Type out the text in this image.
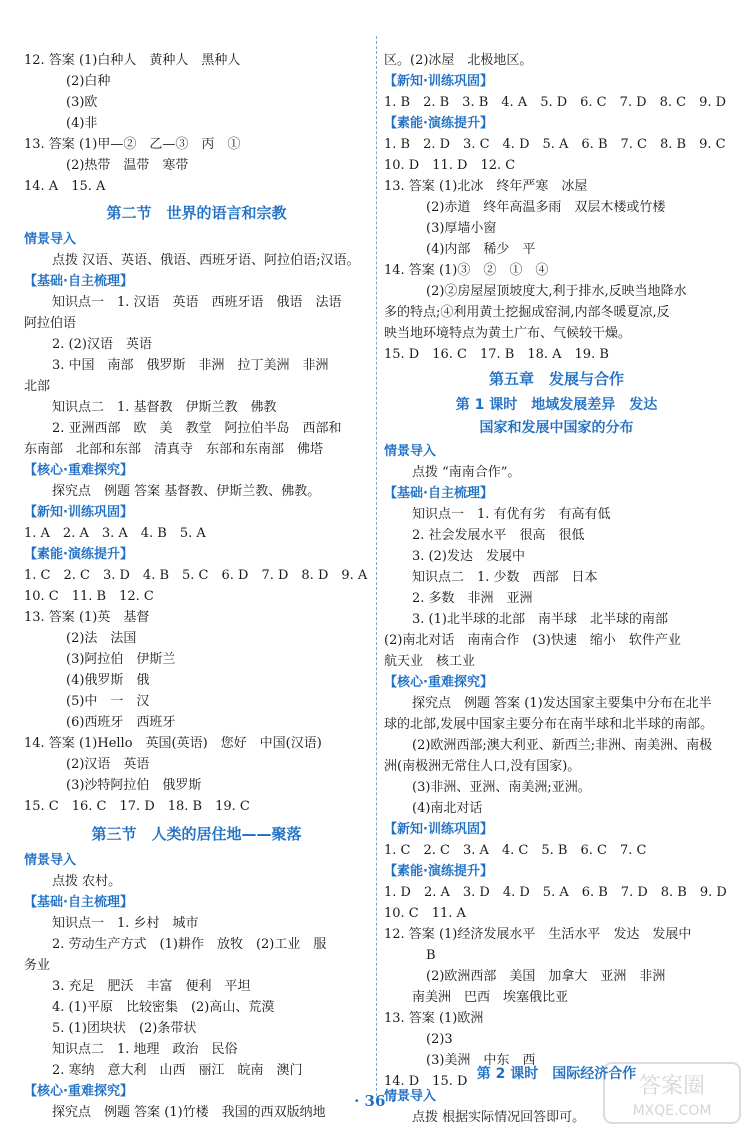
12. 答案 (1)白种人　黄种人　黑种人
(2)白种
(3)欧
(4)非
13. 答案 (1)甲—②　乙—③　丙　①
(2)热带　温带　寒带
14. A　15. A
第二节　世界的语言和宗教
情景导入
点拨 汉语、英语、俄语、西班牙语、阿拉伯语;汉语。
【基础·自主梳理】
知识点一　1. 汉语　英语　西班牙语　俄语　法语
阿拉伯语
2. (2)汉语　英语
3. 中国　南部　俄罗斯　非洲　拉丁美洲　非洲
北部
知识点二　1. 基督教　伊斯兰教　佛教
2. 亚洲西部　欧　美　教堂　阿拉伯半岛　西部和
东南部　北部和东部　清真寺　东部和东南部　佛塔
【核心·重难探究】
探究点　例题 答案 基督教、伊斯兰教、佛教。
【新知·训练巩固】
1. A　2. A　3. A　4. B　5. A
【素能·演练提升】
1. C　2. C　3. D　4. B　5. C　6. D　7. D　8. D　9. A
10. C　11. B　12. C
13. 答案 (1)英　基督
(2)法　法国
(3)阿拉伯　伊斯兰
(4)俄罗斯　俄
(5)中　一　汉
(6)西班牙　西班牙
14. 答案 (1)Hello　英国(英语)　您好　中国(汉语)
(2)汉语　英语
(3)沙特阿拉伯　俄罗斯
15. C　16. C　17. D　18. B　19. C
第三节　人类的居住地——聚落
情景导入
点拨 农村。
【基础·自主梳理】
知识点一　1. 乡村　城市
2. 劳动生产方式　(1)耕作　放牧　(2)工业　服
务业
3. 充足　肥沃　丰富　便利　平坦
4. (1)平原　比较密集　(2)高山、荒漠
5. (1)团块状　(2)条带状
知识点二　1. 地理　政治　民俗
2. 寒纳　意大利　山西　丽江　皖南　澳门
【核心·重难探究】
探究点　例题 答案 (1)竹楼　我国的西双版纳地
区。(2)冰屋　北极地区。
【新知·训练巩固】
1. B　2. B　3. B　4. A　5. D　6. C　7. D　8. C　9. D
【素能·演练提升】
1. B　2. D　3. C　4. D　5. A　6. B　7. C　8. B　9. C
10. D　11. D　12. C
13. 答案 (1)北冰　终年严寒　冰屋
(2)赤道　终年高温多雨　双层木楼或竹楼
(3)厚墙小窗
(4)内部　稀少　平
14. 答案 (1)③　②　①　④
(2)②房屋屋顶坡度大,利于排水,反映当地降水
多的特点;④利用黄土挖掘成窑洞,内部冬暖夏凉,反
映当地环境特点为黄土广布、气候较干燥。
15. D　16. C　17. B　18. A　19. B
第五章　发展与合作
第 1 课时　地域发展差异　发达
国家和发展中国家的分布
情景导入
点拨 “南南合作”。
【基础·自主梳理】
知识点一　1. 有优有劣　有高有低
2. 社会发展水平　很高　很低
3. (2)发达　发展中
知识点二　1. 少数　西部　日本
2. 多数　非洲　亚洲
3. (1)北半球的北部　南半球　北半球的南部
(2)南北对话　南南合作　(3)快速　缩小　软件产业
航天业　核工业
【核心·重难探究】
探究点　例题 答案 (1)发达国家主要集中分布在北半
球的北部,发展中国家主要分布在南半球和北半球的南部。
(2)欧洲西部;澳大利亚、新西兰;非洲、南美洲、南极
洲(南极洲无常住人口,没有国家)。
(3)非洲、亚洲、南美洲;亚洲。
(4)南北对话
【新知·训练巩固】
1. C　2. C　3. A　4. C　5. B　6. C　7. C
【素能·演练提升】
1. D　2. A　3. D　4. D　5. A　6. B　7. D　8. B　9. D
10. C　11. A
12. 答案 (1)经济发展水平　生活水平　发达　发展中
B
(2)欧洲西部　美国　加拿大　亚洲　非洲
南美洲　巴西　埃塞俄比亚
13. 答案 (1)欧洲
(2)3
(3)美洲　中东　西
14. D　15. D 第 2 课时　国际经济合作
情景导入
点拨 根据实际情况回答即可。
· 36 ·
答案圈
MXQE.COM
